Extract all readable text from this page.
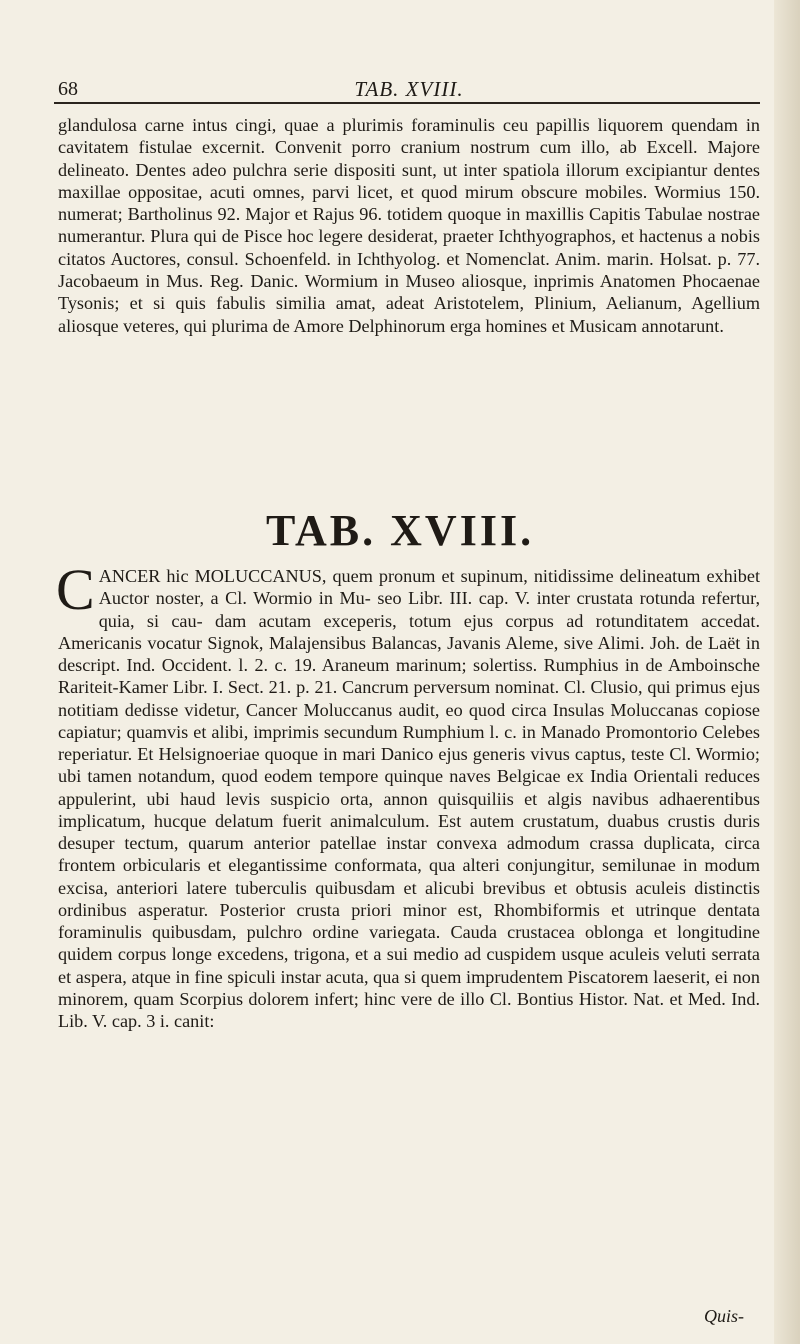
68	TAB. XVIII.

glandulosa carne intus cingi, quae a plurimis foraminulis ceu papillis liquorem quendam in cavitatem fistulae excernit. Convenit porro cranium nostrum cum illo, ab Excell. Majore delineato. Dentes adeo pulchra serie dispositi sunt, ut inter spatiola illorum excipiantur dentes maxillae oppositae, acuti omnes, parvi licet, et quod mirum obscure mobiles. Wormius 150. numerat; Bartholinus 92. Major et Rajus 96. totidem quoque in maxillis Capitis Tabulae nostrae numerantur. Plura qui de Pisce hoc legere desiderat, praeter Ichthyographos, et hactenus a nobis citatos Auctores, consul. Schoenfeld. in Ichthyolog. et Nomenclat. Anim. marin. Holsat. p. 77. Jacobaeum in Mus. Reg. Danic. Wormium in Museo aliosque, inprimis Anatomen Phocaenae Tysonis; et si quis fabulis similia amat, adeat Aristotelem, Plinium, Aelianum, Agellium aliosque veteres, qui plurima de Amore Delphinorum erga homines et Musicam annotarunt.

TAB. XVIII.
C ANCER hic MOLUCCANUS, quem pronum et supinum, nitidissime delineatum exhibet Auctor noster, a Cl. Wormio in Mu- seo Libr. III. cap. V. inter crustata rotunda refertur, quia, si cau- dam acutam exceperis, totum ejus corpus ad rotunditatem accedat. Americanis vocatur Signok, Malajensibus Balancas, Javanis Aleme, sive Alimi. Joh. de Laët in descript. Ind. Occident. l. 2. c. 19. Araneum marinum; solertiss. Rumphius in de Amboinsche Rariteit-Kamer Libr. I. Sect. 21. p. 21. Cancrum perversum nominat. Cl. Clusio, qui primus ejus notitiam dedisse videtur, Cancer Moluccanus audit, eo quod circa Insulas Moluccanas copiose capiatur; quamvis et alibi, imprimis secundum Rumphium l. c. in Manado Promontorio Celebes reperiatur. Et Helsignoeriae quoque in mari Danico ejus generis vivus captus, teste Cl. Wormio; ubi tamen notandum, quod eodem tempore quinque naves Belgicae ex India Orientali reduces appulerint, ubi haud levis suspicio orta, annon quisquiliis et algis navibus adhaerentibus implicatum, hucque delatum fuerit animalculum. Est autem crustatum, duabus crustis duris desuper tectum, quarum anterior patellae instar convexa admodum crassa duplicata, circa frontem orbicularis et elegantissime conformata, qua alteri conjungitur, semilunae in modum excisa, anteriori latere tuberculis quibusdam et alicubi brevibus et obtusis aculeis distinctis ordinibus asperatur. Posterior crusta priori minor est, Rhombiformis et utrinque dentata foraminulis quibusdam, pulchro ordine variegata. Cauda crustacea oblonga et longitudine quidem corpus longe excedens, trigona, et a sui medio ad cuspidem usque aculeis veluti serrata et aspera, atque in fine spiculi instar acuta, qua si quem imprudentem Piscatorem laeserit, ei non minorem, quam Scorpius dolorem infert; hinc vere de illo Cl. Bontius Histor. Nat. et Med. Ind. Lib. V. cap. 3 i. canit:

Quis-
